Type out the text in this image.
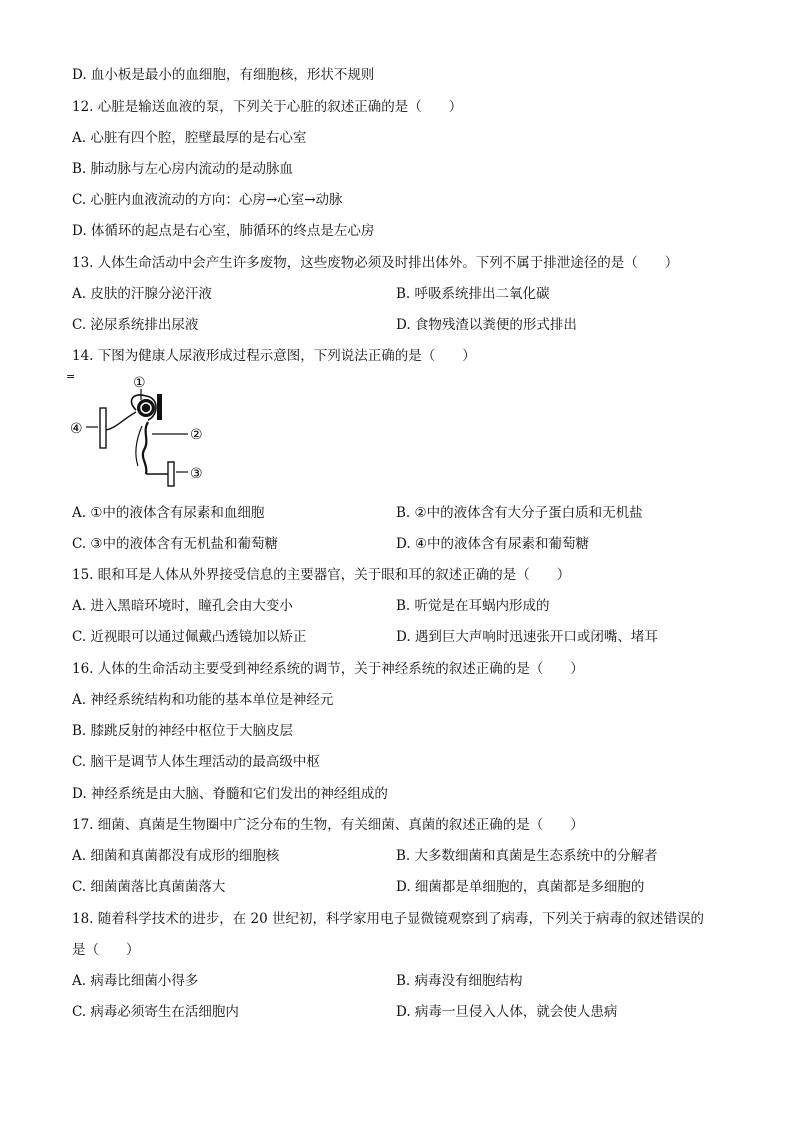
D. 血小板是最小的血细胞，有细胞核，形状不规则
12. 心脏是输送血液的泵，下列关于心脏的叙述正确的是（　　）
A. 心脏有四个腔，腔壁最厚的是右心室
B. 肺动脉与左心房内流动的是动脉血
C. 心脏内血液流动的方向：心房→心室→动脉
D. 体循环的起点是右心室，肺循环的终点是左心房
13. 人体生命活动中会产生许多废物，这些废物必须及时排出体外。下列不属于排泄途径的是（　　）
A. 皮肤的汗腺分泌汗液	B. 呼吸系统排出二氧化碳
C. 泌尿系统排出尿液	D. 食物残渣以粪便的形式排出
14. 下图为健康人尿液形成过程示意图，下列说法正确的是（　　）
=	①
④	②
③
A. ①中的液体含有尿素和血细胞	B. ②中的液体含有大分子蛋白质和无机盐
C. ③中的液体含有无机盐和葡萄糖	D. ④中的液体含有尿素和葡萄糖
15. 眼和耳是人体从外界接受信息的主要器官，关于眼和耳的叙述正确的是（　　）
A. 进入黑暗环境时，瞳孔会由大变小	B. 听觉是在耳蜗内形成的
C. 近视眼可以通过佩戴凸透镜加以矫正	D. 遇到巨大声响时迅速张开口或闭嘴、堵耳
16. 人体的生命活动主要受到神经系统的调节，关于神经系统的叙述正确的是（　　）
A. 神经系统结构和功能的基本单位是神经元
B. 膝跳反射的神经中枢位于大脑皮层
C. 脑干是调节人体生理活动的最高级中枢
D. 神经系统是由大脑、脊髓和它们发出的神经组成的
17. 细菌、真菌是生物圈中广泛分布的生物，有关细菌、真菌的叙述正确的是（　　）
A. 细菌和真菌都没有成形的细胞核	B. 大多数细菌和真菌是生态系统中的分解者
C. 细菌菌落比真菌菌落大	D. 细菌都是单细胞的，真菌都是多细胞的
18. 随着科学技术的进步，在 20 世纪初，科学家用电子显微镜观察到了病毒，下列关于病毒的叙述错误的
是（　　）
A. 病毒比细菌小得多	B. 病毒没有细胞结构
C. 病毒必须寄生在活细胞内	D. 病毒一旦侵入人体，就会使人患病
